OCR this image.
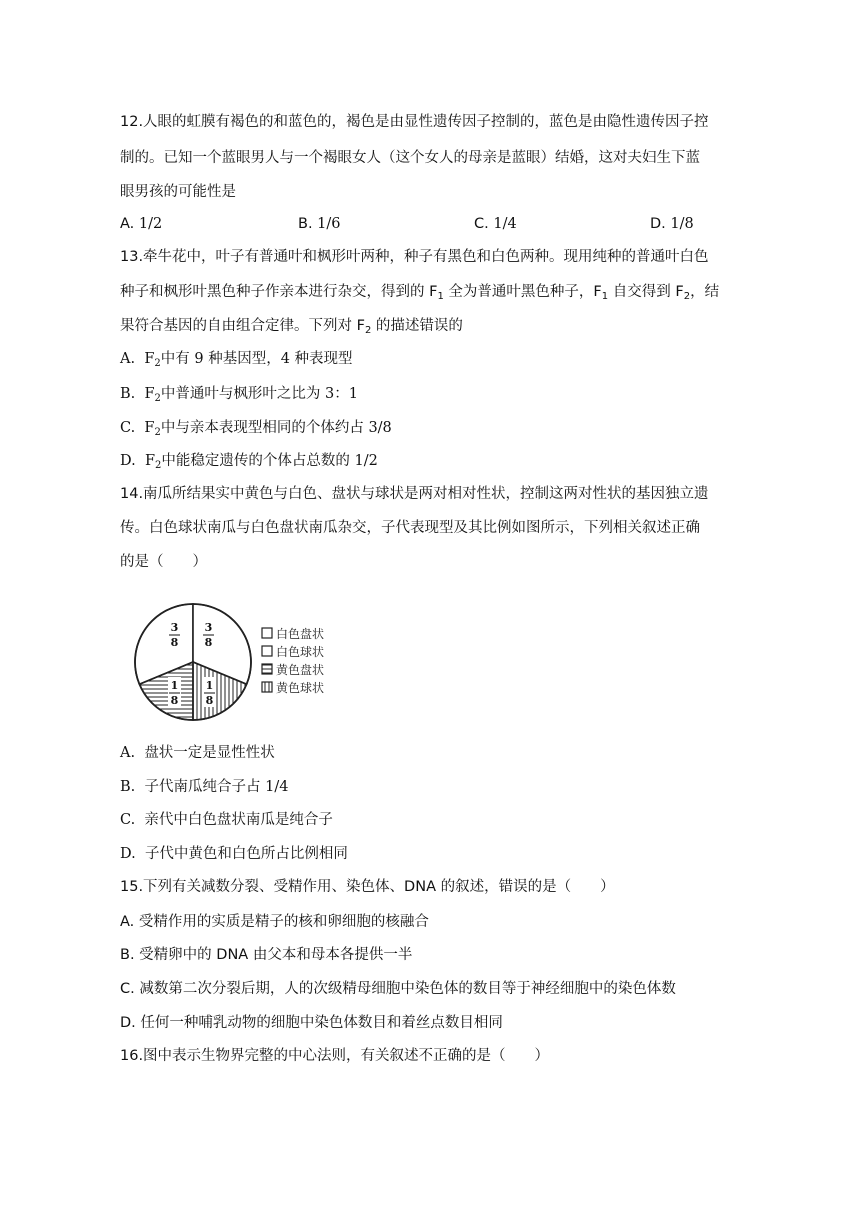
12.人眼的虹膜有褐色的和蓝色的，褐色是由显性遗传因子控制的，蓝色是由隐性遗传因子控
制的。已知一个蓝眼男人与一个褐眼女人（这个女人的母亲是蓝眼）结婚，这对夫妇生下蓝
眼男孩的可能性是
A. 1/2	B. 1/6	C. 1/4	D. 1/8
13.牵牛花中，叶子有普通叶和枫形叶两种，种子有黑色和白色两种。现用纯种的普通叶白色
种子和枫形叶黑色种子作亲本进行杂交，得到的 $F_1$ 全为普通叶黑色种子，$F_1$ 自交得到 $F_2$，结
果符合基因的自由组合定律。下列对 $F_2$ 的描述错误的
A. $F_2$中有 9 种基因型，4 种表现型
B. $F_2$中普通叶与枫形叶之比为 3：1
C. $F_2$中与亲本表现型相同的个体约占 3/8
D. $F_2$中能稳定遗传的个体占总数的 1/2
14.南瓜所结果实中黄色与白色、盘状与球状是两对相对性状，控制这两对性状的基因独立遗
传。白色球状南瓜与白色盘状南瓜杂交，子代表现型及其比例如图所示，下列相关叙述正确
的是（　　）
3
8
3
8
1
8
1
8
白色盘状
白色球状
黄色盘状
黄色球状
A. 盘状一定是显性性状
B. 子代南瓜纯合子占 1/4
C. 亲代中白色盘状南瓜是纯合子
D. 子代中黄色和白色所占比例相同
15.下列有关减数分裂、受精作用、染色体、DNA 的叙述，错误的是（　　）
A. 受精作用的实质是精子的核和卵细胞的核融合
B. 受精卵中的 DNA 由父本和母本各提供一半
C. 减数第二次分裂后期，人的次级精母细胞中染色体的数目等于神经细胞中的染色体数
D. 任何一种哺乳动物的细胞中染色体数目和着丝点数目相同
16.图中表示生物界完整的中心法则，有关叙述不正确的是（　　）
